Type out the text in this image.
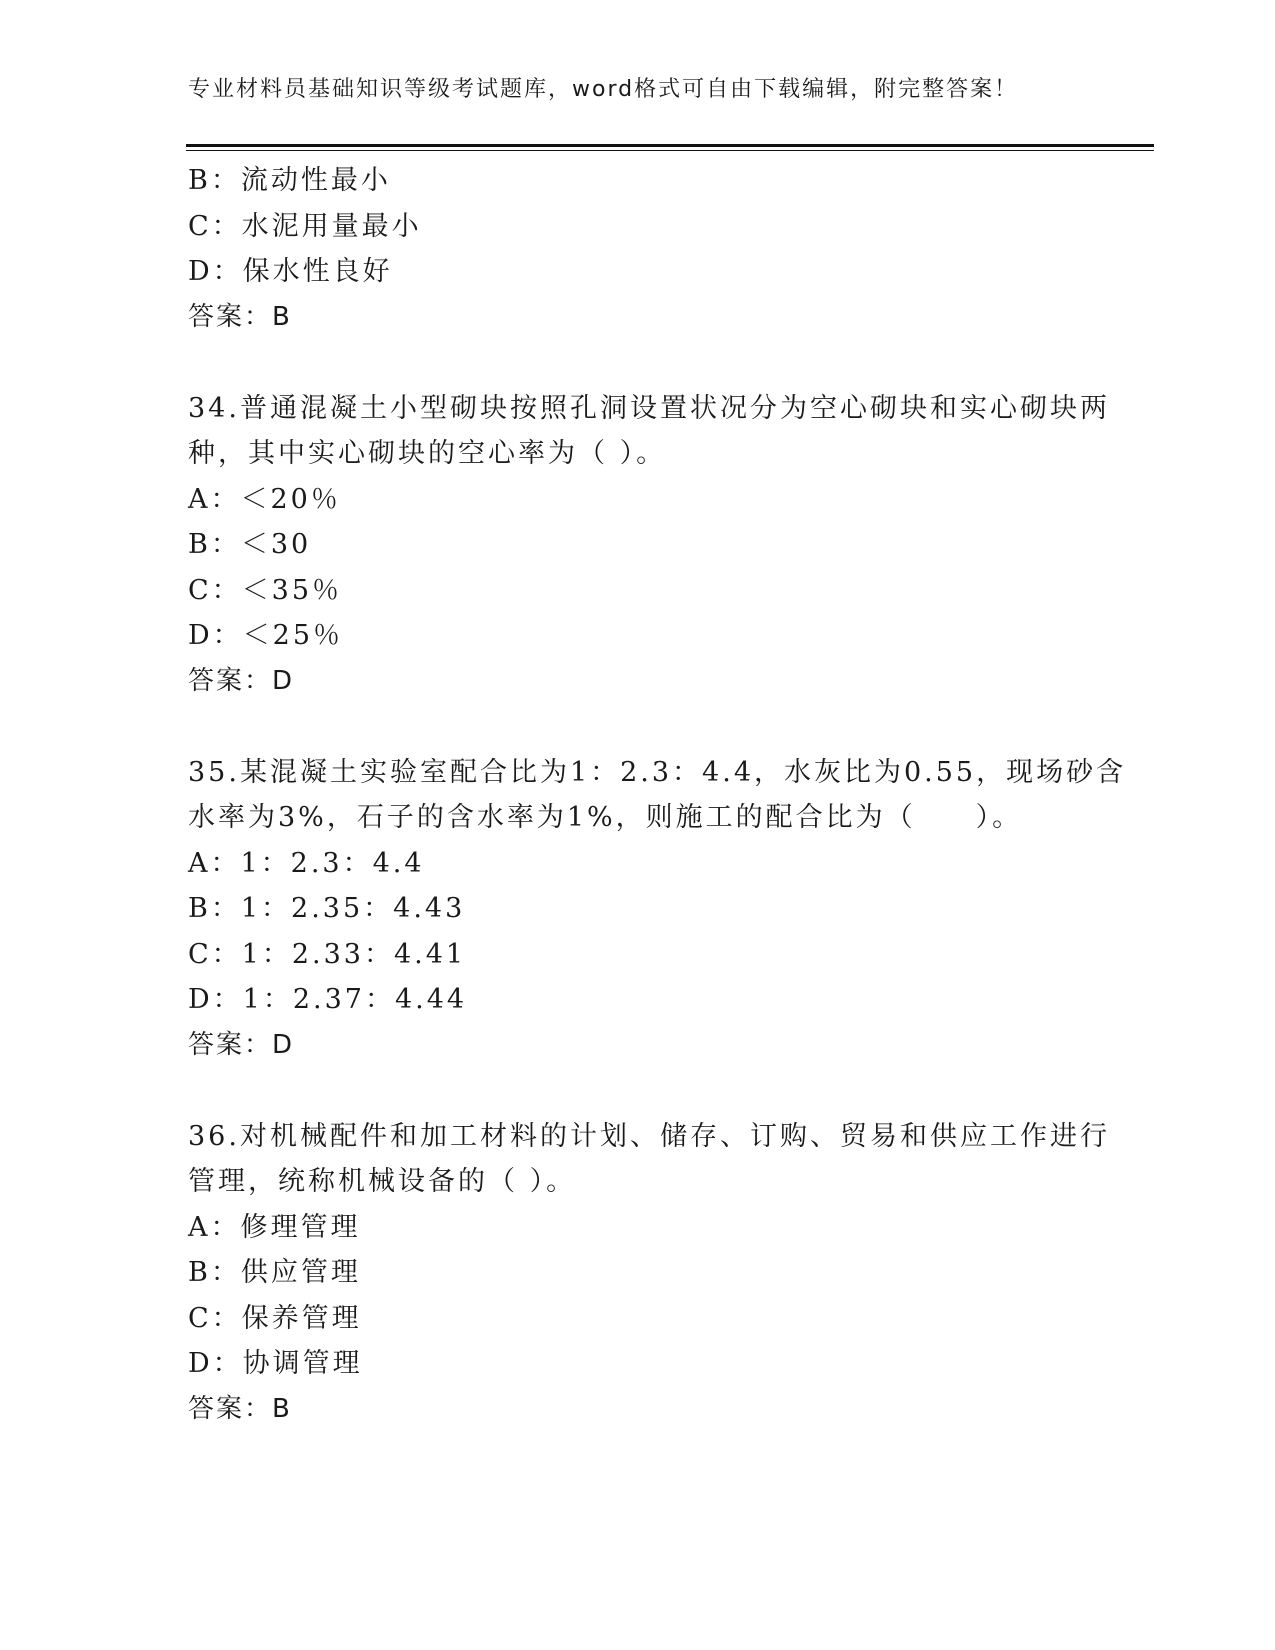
专业材料员基础知识等级考试题库，word格式可自由下载编辑，附完整答案！
B：流动性最小
C：水泥用量最小
D：保水性良好
答案：B
34.普通混凝土小型砌块按照孔洞设置状况分为空心砌块和实心砌块两
种，其中实心砌块的空心率为（ ）。
A：＜20％
B：＜30
C：＜35％
D：＜25％
答案：D
35.某混凝土实验室配合比为1：2.3：4.4，水灰比为0.55，现场砂含
水率为3%，石子的含水率为1%，则施工的配合比为（　　）。
A：1：2.3：4.4
B：1：2.35：4.43
C：1：2.33：4.41
D：1：2.37：4.44
答案：D
36.对机械配件和加工材料的计划、储存、订购、贸易和供应工作进行
管理，统称机械设备的（ ）。
A：修理管理
B：供应管理
C：保养管理
D：协调管理
答案：B
